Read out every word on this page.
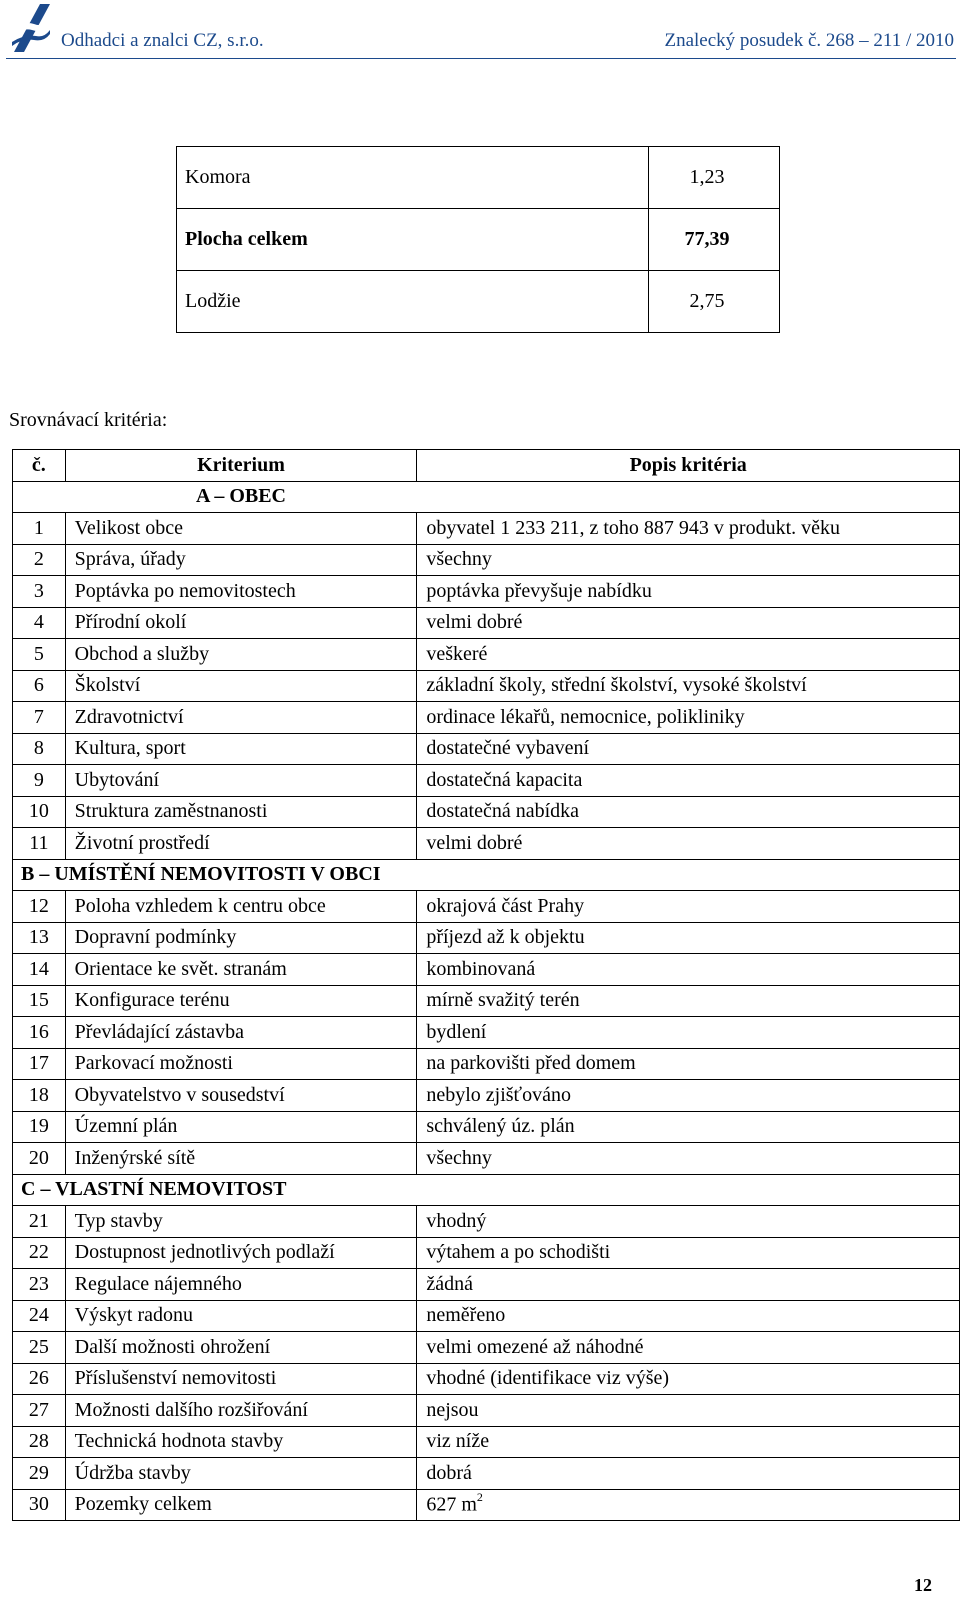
Odhadci a znalci CZ, s.r.o.	Znalecký posudek č. 268 – 211 / 2010
Komora	1,23
Plocha celkem	77,39
Lodžie	2,75
Srovnávací kritéria:
č.	Kriterium	Popis kritéria
	A – OBEC	
1	Velikost obce	obyvatel 1 233 211, z toho 887 943 v produkt. věku
2	Správa, úřady	všechny
3	Poptávka po nemovitostech	poptávka převyšuje nabídku
4	Přírodní okolí	velmi dobré
5	Obchod a služby	veškeré
6	Školství	základní školy, střední školství, vysoké školství
7	Zdravotnictví	ordinace lékařů, nemocnice, polikliniky
8	Kultura, sport	dostatečné vybavení
9	Ubytování	dostatečná kapacita
10	Struktura zaměstnanosti	dostatečná nabídka
11	Životní prostředí	velmi dobré
B – UMÍSTĚNÍ NEMOVITOSTI V OBCI		
12	Poloha vzhledem k centru obce	okrajová část Prahy
13	Dopravní podmínky	příjezd až k objektu
14	Orientace ke svět. stranám	kombinovaná
15	Konfigurace terénu	mírně svažitý terén
16	Převládající zástavba	bydlení
17	Parkovací možnosti	na parkovišti před domem
18	Obyvatelstvo v sousedství	nebylo zjišťováno
19	Územní plán	schválený úz. plán
20	Inženýrské sítě	všechny
C – VLASTNÍ NEMOVITOST		
21	Typ stavby	vhodný
22	Dostupnost jednotlivých podlaží	výtahem a po schodišti
23	Regulace nájemného	žádná
24	Výskyt radonu	neměřeno
25	Další možnosti ohrožení	velmi omezené až náhodné
26	Příslušenství nemovitosti	vhodné (identifikace viz výše)
27	Možnosti dalšího rozšiřování	nejsou
28	Technická hodnota stavby	viz níže
29	Údržba stavby	dobrá
30	Pozemky celkem	627 $m^2$
12
